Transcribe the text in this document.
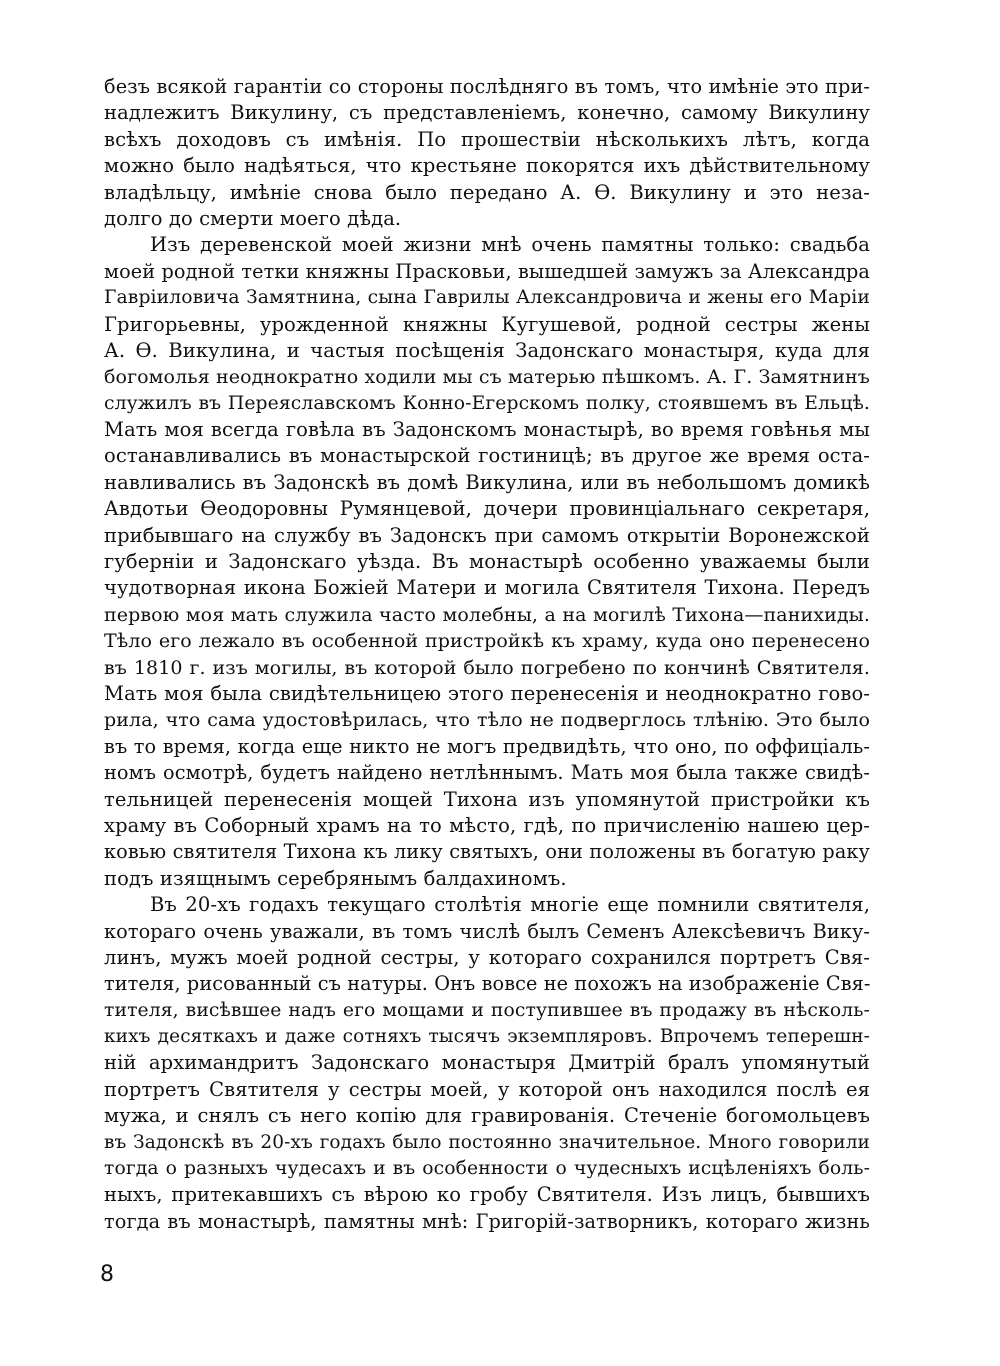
безъ всякой гарантіи со стороны послѣдняго въ томъ, что имѣніе это при-
надлежитъ Викулину, съ представленіемъ, конечно, самому Викулину
всѣхъ доходовъ съ имѣнія. По прошествіи нѣсколькихъ лѣтъ, когда
можно было надѣяться, что крестьяне покорятся ихъ дѣйствительному
владѣльцу, имѣніе снова было передано А. Ѳ. Викулину и это неза-
долго до смерти моего дѣда.
Изъ деревенской моей жизни мнѣ очень памятны только: свадьба
моей родной тетки княжны Прасковьи, вышедшей замужъ за Александра
Гавріиловича Замятнина, сына Гаврилы Александровича и жены его Маріи
Григорьевны, урожденной княжны Кугушевой, родной сестры жены
А. Ѳ. Викулина, и частыя посѣщенія Задонскаго монастыря, куда для
богомолья неоднократно ходили мы съ матерью пѣшкомъ. А. Г. Замятнинъ
служилъ въ Переяславскомъ Конно-Егерскомъ полку, стоявшемъ въ Ельцѣ.
Мать моя всегда говѣла въ Задонскомъ монастырѣ, во время говѣнья мы
останавливались въ монастырской гостиницѣ; въ другое же время оста-
навливались въ Задонскѣ въ домѣ Викулина, или въ небольшомъ домикѣ
Авдотьи Ѳеодоровны Румянцевой, дочери провинціальнаго секретаря,
прибывшаго на службу въ Задонскъ при самомъ открытіи Воронежской
губерніи и Задонскаго уѣзда. Въ монастырѣ особенно уважаемы были
чудотворная икона Божіей Матери и могила Святителя Тихона. Передъ
первою моя мать служила часто молебны, а на могилѣ Тихона—панихиды.
Тѣло его лежало въ особенной пристройкѣ къ храму, куда оно перенесено
въ 1810 г. изъ могилы, въ которой было погребено по кончинѣ Святителя.
Мать моя была свидѣтельницею этого перенесенія и неоднократно гово-
рила, что сама удостовѣрилась, что тѣло не подверглось тлѣнію. Это было
въ то время, когда еще никто не могъ предвидѣть, что оно, по оффиціаль-
номъ осмотрѣ, будетъ найдено нетлѣннымъ. Мать моя была также свидѣ-
тельницей перенесенія мощей Тихона изъ упомянутой пристройки къ
храму въ Соборный храмъ на то мѣсто, гдѣ, по причисленію нашею цер-
ковью святителя Тихона къ лику святыхъ, они положены въ богатую раку
подъ изящнымъ серебрянымъ балдахиномъ.
Въ 20-хъ годахъ текущаго столѣтія многіе еще помнили святителя,
котораго очень уважали, въ томъ числѣ былъ Семенъ Алексѣевичъ Вику-
линъ, мужъ моей родной сестры, у котораго сохранился портретъ Свя-
тителя, рисованный съ натуры. Онъ вовсе не похожъ на изображеніе Свя-
тителя, висѣвшее надъ его мощами и поступившее въ продажу въ нѣсколь-
кихъ десяткахъ и даже сотняхъ тысячъ экземпляровъ. Впрочемъ теперешн-
ній архимандритъ Задонскаго монастыря Дмитрій бралъ упомянутый
портретъ Святителя у сестры моей, у которой онъ находился послѣ ея
мужа, и снялъ съ него копію для гравированія. Стеченіе богомольцевъ
въ Задонскѣ въ 20-хъ годахъ было постоянно значительное. Много говорили
тогда о разныхъ чудесахъ и въ особенности о чудесныхъ исцѣленіяхъ боль-
ныхъ, притекавшихъ съ вѣрою ко гробу Святителя. Изъ лицъ, бывшихъ
тогда въ монастырѣ, памятны мнѣ: Григорій-затворникъ, котораго жизнь
8
